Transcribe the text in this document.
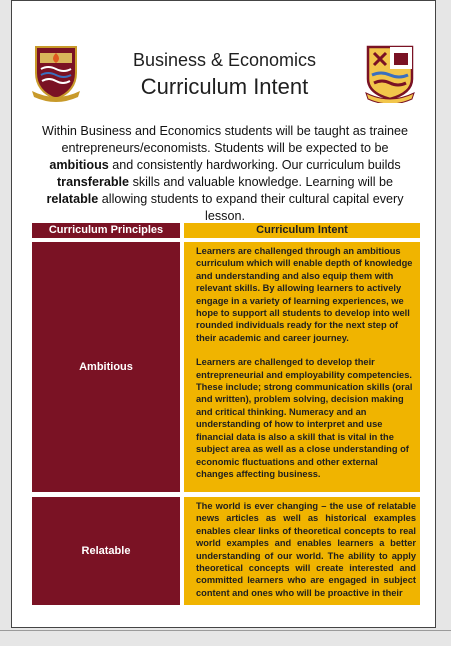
Business & Economics
Curriculum Intent
Within Business and Economics students will be taught as trainee entrepreneurs/economists. Students will be expected to be ambitious and consistently hardworking. Our curriculum builds transferable skills and valuable knowledge. Learning will be relatable allowing students to expand their cultural capital every lesson.
Curriculum Principles	Curriculum Intent
Ambitious

Learners are challenged through an ambitious curriculum which will enable depth of knowledge and understanding and also equip them with relevant skills. By allowing learners to actively engage in a variety of learning experiences, we hope to support all students to develop into well rounded individuals ready for the next step of their academic and career journey.

Learners are challenged to develop their entrepreneurial and employability competencies. These include; strong communication skills (oral and written), problem solving, decision making and critical thinking. Numeracy and an understanding of how to interpret and use financial data is also a skill that is vital in the subject area as well as a close understanding of economic fluctuations and other external changes affecting business.

Relatable

The world is ever changing – the use of relatable news articles as well as historical examples enables clear links of theoretical concepts to real world examples and enables learners a better understanding of our world. The ability to apply theoretical concepts will create interested and committed learners who are engaged in subject content and ones who will be proactive in their
